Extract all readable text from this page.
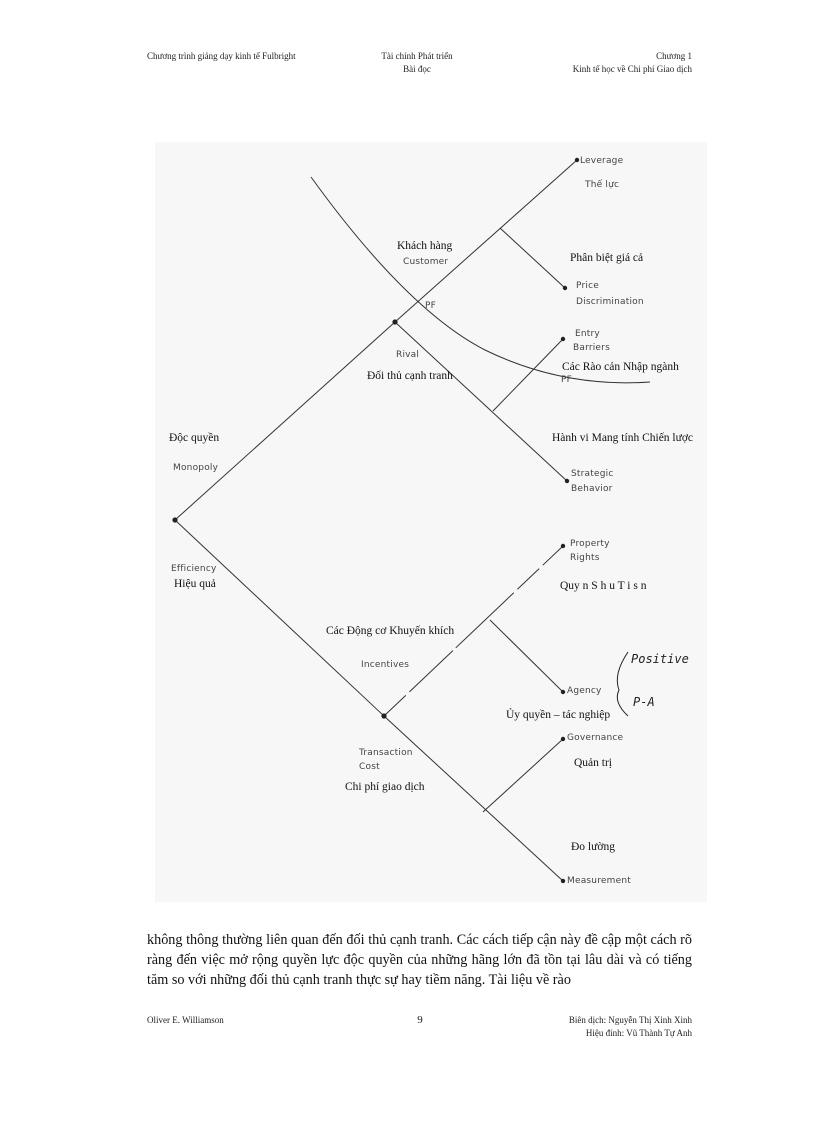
Chương trình giảng dạy kinh tế Fulbright	Tài chính Phát triển
Bài đọc
Chương 1
Kinh tế học về Chi phí Giao dịch
Leverage
Thế lực
Khách hàng
Customer
PF
Phân biệt giá cả
Price
Discrimination
Entry
Barriers
Các Rào cản Nhập ngành
PF
Rival
Đối thủ cạnh tranh
Độc quyền
Monopoly
Hành vi Mang tính Chiến lược
Strategic
Behavior
Efficiency
Hiệu quả
Property
Rights
Quy n S h u T i s n
Các Động cơ Khuyến khích
Incentives	Positive
P-A
Agency
Ủy quyền – tác nghiệp
Transaction
Cost
Chi phí giao dịch
Governance
Quản trị
Đo lường
Measurement

không thông thường liên quan đến đối thủ cạnh tranh. Các cách tiếp cận này đề cập một cách rõ ràng đến việc mở rộng quyền lực độc quyền của những hãng lớn đã tồn tại lâu dài và có tiếng tăm so với những đối thủ cạnh tranh thực sự hay tiềm năng. Tài liệu về rào

Oliver E. Williamson	9	Biên dịch: Nguyễn Thị Xinh Xinh
Hiệu đính: Vũ Thành Tự Anh
